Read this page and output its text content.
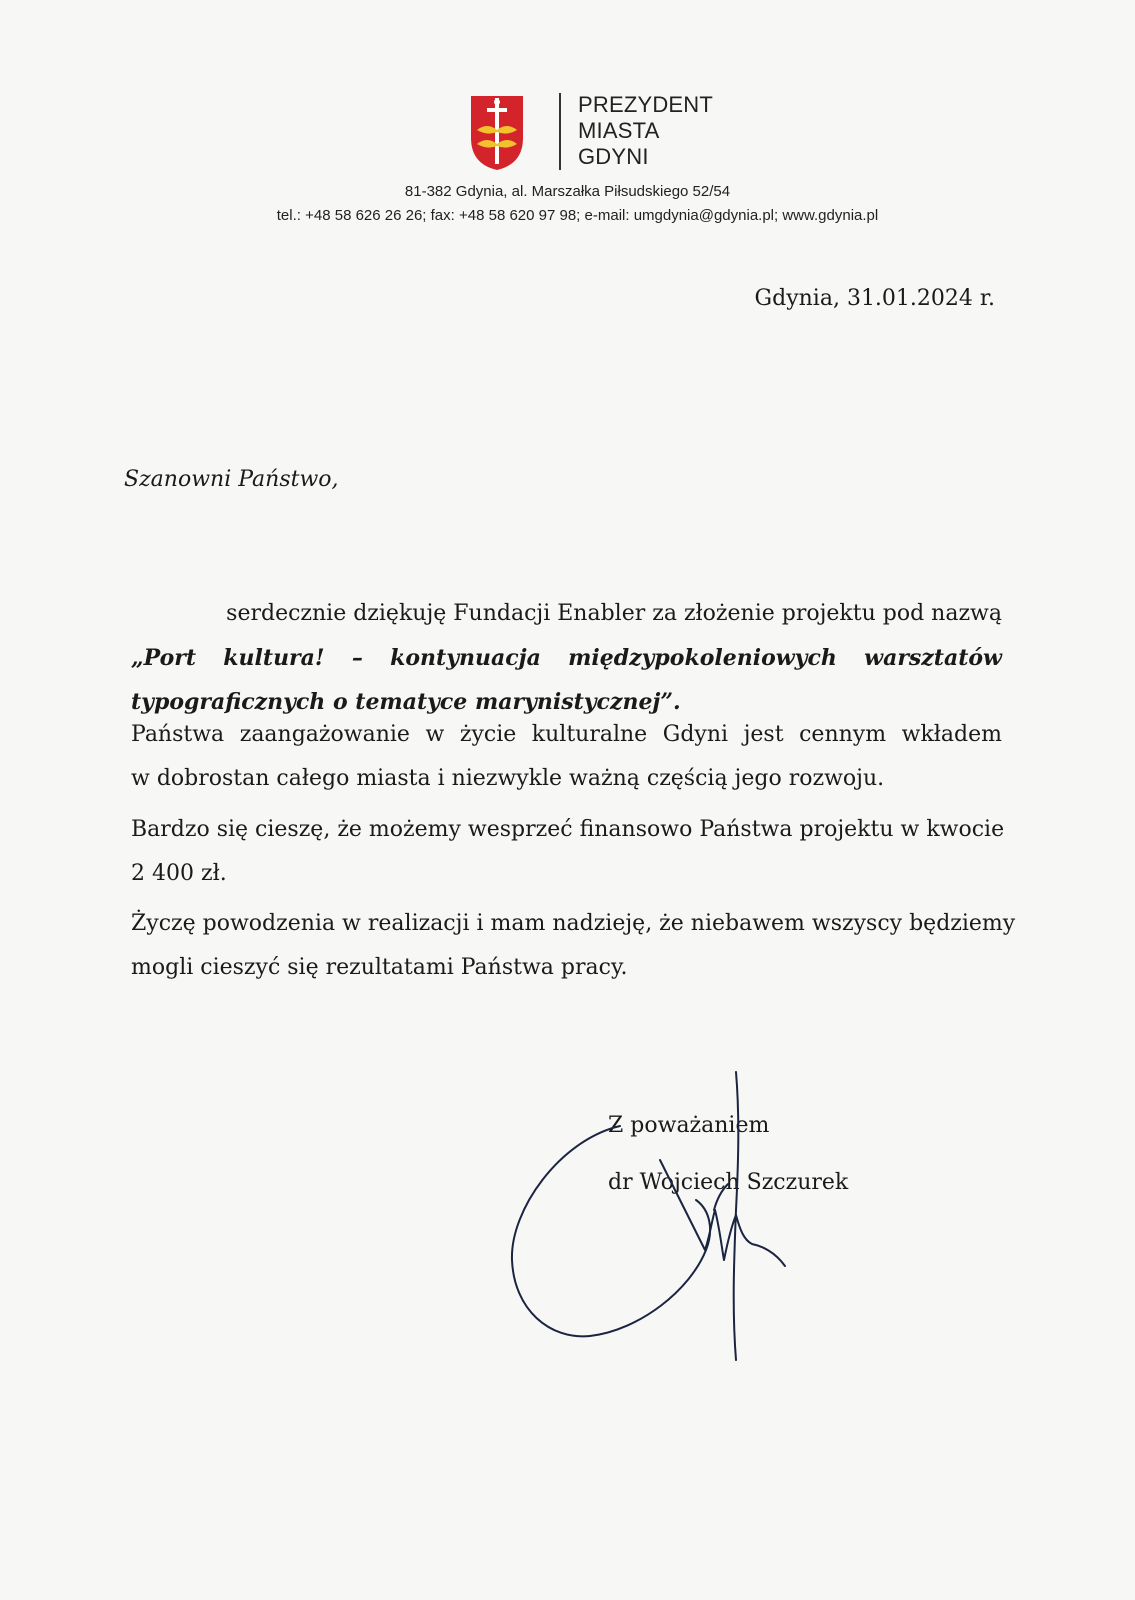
PREZYDENT
MIASTA
GDYNI
81-382 Gdynia, al. Marszałka Piłsudskiego 52/54
tel.: +48 58 626 26 26; fax: +48 58 620 97 98; e-mail: umgdynia@gdynia.pl; www.gdynia.pl
Gdynia, 31.01.2024 r.
Szanowni Państwo,
serdecznie dziękuję Fundacji Enabler za złożenie projektu pod nazwą
„Port kultura! – kontynuacja międzypokoleniowych warsztatów
typograficznych o tematyce marynistycznej”.
Państwa zaangażowanie w życie kulturalne Gdyni jest cennym wkładem
w dobrostan całego miasta i niezwykle ważną częścią jego rozwoju.
Bardzo się cieszę, że możemy wesprzeć finansowo Państwa projektu w kwocie
2 400 zł.
Życzę powodzenia w realizacji i mam nadzieję, że niebawem wszyscy będziemy
mogli cieszyć się rezultatami Państwa pracy.
Z poważaniem
dr Wojciech Szczurek
